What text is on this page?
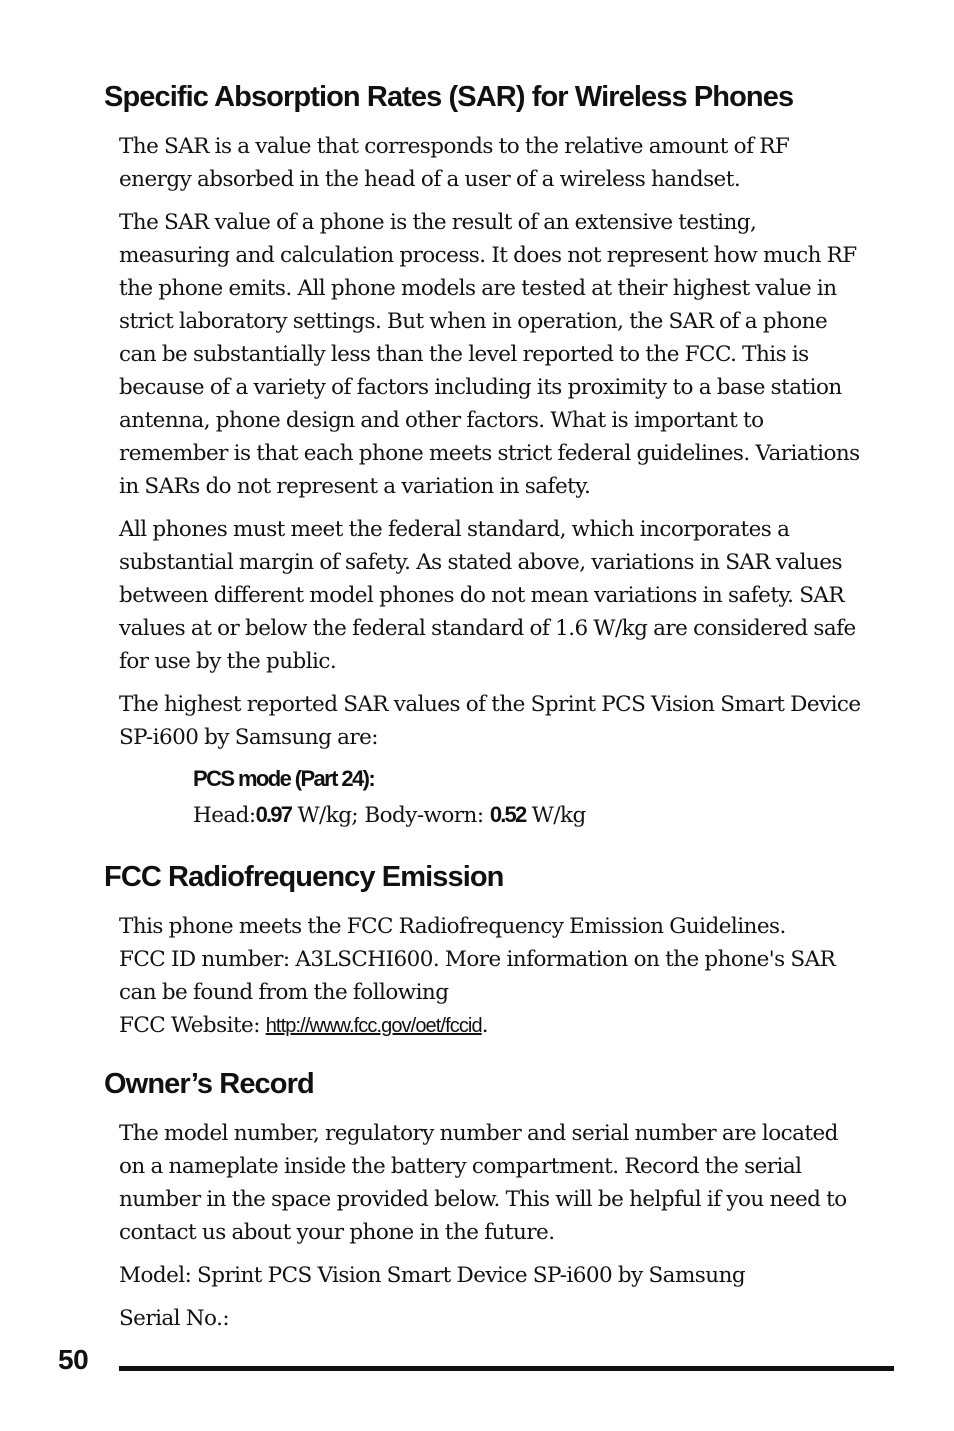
Specific Absorption Rates (SAR) for Wireless Phones

The SAR is a value that corresponds to the relative amount of RF energy absorbed in the head of a user of a wireless handset.

The SAR value of a phone is the result of an extensive testing, measuring and calculation process. It does not represent how much RF the phone emits. All phone models are tested at their highest value in strict laboratory settings. But when in operation, the SAR of a phone can be substantially less than the level reported to the FCC. This is because of a variety of factors including its proximity to a base station antenna, phone design and other factors. What is important to remember is that each phone meets strict federal guidelines. Variations in SARs do not represent a variation in safety.

All phones must meet the federal standard, which incorporates a substantial margin of safety. As stated above, variations in SAR values between different model phones do not mean variations in safety. SAR values at or below the federal standard of 1.6 W/kg are considered safe for use by the public.

The highest reported SAR values of the Sprint PCS Vision Smart Device SP-i600 by Samsung are:

PCS mode (Part 24):
Head:0.97 W/kg; Body-worn: 0.52 W/kg
FCC Radiofrequency Emission
This phone meets the FCC Radiofrequency Emission Guidelines.
FCC ID number: A3LSCHI600. More information on the phone's SAR can be found from the following
FCC Website: http://www.fcc.gov/oet/fccid.
Owner’s Record

The model number, regulatory number and serial number are located on a nameplate inside the battery compartment. Record the serial number in the space provided below. This will be helpful if you need to contact us about your phone in the future.

Model: Sprint PCS Vision Smart Device SP-i600 by Samsung

Serial No.:

50
